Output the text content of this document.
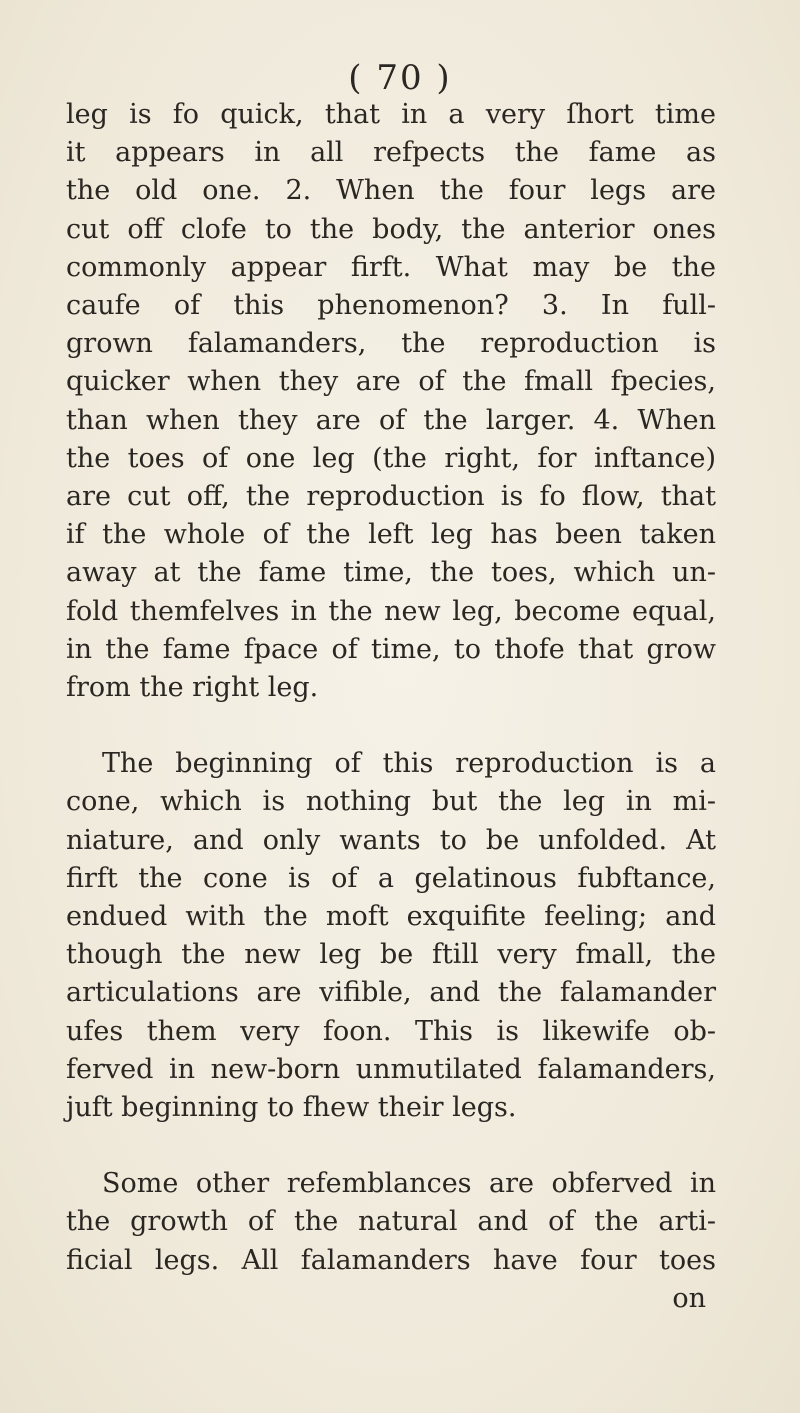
( 70 )
leg is fo quick, that in a very ſhort time
it appears in all refpects the fame as
the old one. 2. When the four legs are
cut off clofe to the body, the anterior ones
commonly appear firft. What may be the
caufe of this phenomenon? 3. In full-
grown falamanders, the reproduction is
quicker when they are of the fmall fpecies,
than when they are of the larger. 4. When
the toes of one leg (the right, for inftance)
are cut off, the reproduction is fo flow, that
if the whole of the left leg has been taken
away at the fame time, the toes, which un-
fold themfelves in the new leg, become equal,
in the fame fpace of time, to thofe that grow
from the right leg.
The beginning of this reproduction is a
cone, which is nothing but the leg in mi-
niature, and only wants to be unfolded. At
firft the cone is of a gelatinous fubftance,
endued with the moft exquifite feeling; and
though the new leg be ftill very fmall, the
articulations are vifible, and the falamander
ufes them very foon. This is likewife ob-
ferved in new-born unmutilated falamanders,
juft beginning to fhew their legs.
Some other refemblances are obferved in
the growth of the natural and of the arti-
ficial legs. All falamanders have four toes
on
